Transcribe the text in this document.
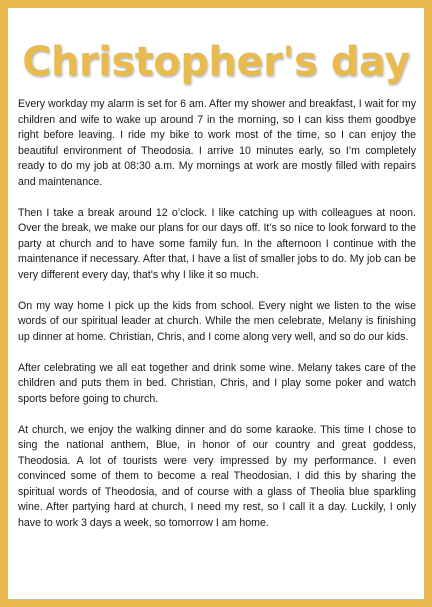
Christopher's day

Every workday my alarm is set for 6 am. After my shower and breakfast, I wait for my children and wife to wake up around 7 in the morning, so I can kiss them goodbye right before leaving. I ride my bike to work most of the time, so I can enjoy the beautiful environment of Theodosia. I arrive 10 minutes early, so I’m completely ready to do my job at 08:30 a.m. My mornings at work are mostly filled with repairs and maintenance.

Then I take a break around 12 o’clock. I like catching up with colleagues at noon. Over the break, we make our plans for our days off. It’s so nice to look forward to the party at church and to have some family fun. In the afternoon I continue with the maintenance if necessary. After that, I have a list of smaller jobs to do. My job can be very different every day, that’s why I like it so much.

On my way home I pick up the kids from school. Every night we listen to the wise words of our spiritual leader at church. While the men celebrate, Melany is finishing up dinner at home. Christian, Chris, and I come along very well, and so do our kids.

After celebrating we all eat together and drink some wine. Melany takes care of the children and puts them in bed. Christian, Chris, and I play some poker and watch sports before going to church.

At church, we enjoy the walking dinner and do some karaoke. This time I chose to sing the national anthem, Blue, in honor of our country and great goddess, Theodosia. A lot of tourists were very impressed by my performance. I even convinced some of them to become a real Theodosian. I did this by sharing the spiritual words of Theodosia, and of course with a glass of Theolia blue sparkling wine. After partying hard at church, I need my rest, so I call it a day. Luckily, I only have to work 3 days a week, so tomorrow I am home.
